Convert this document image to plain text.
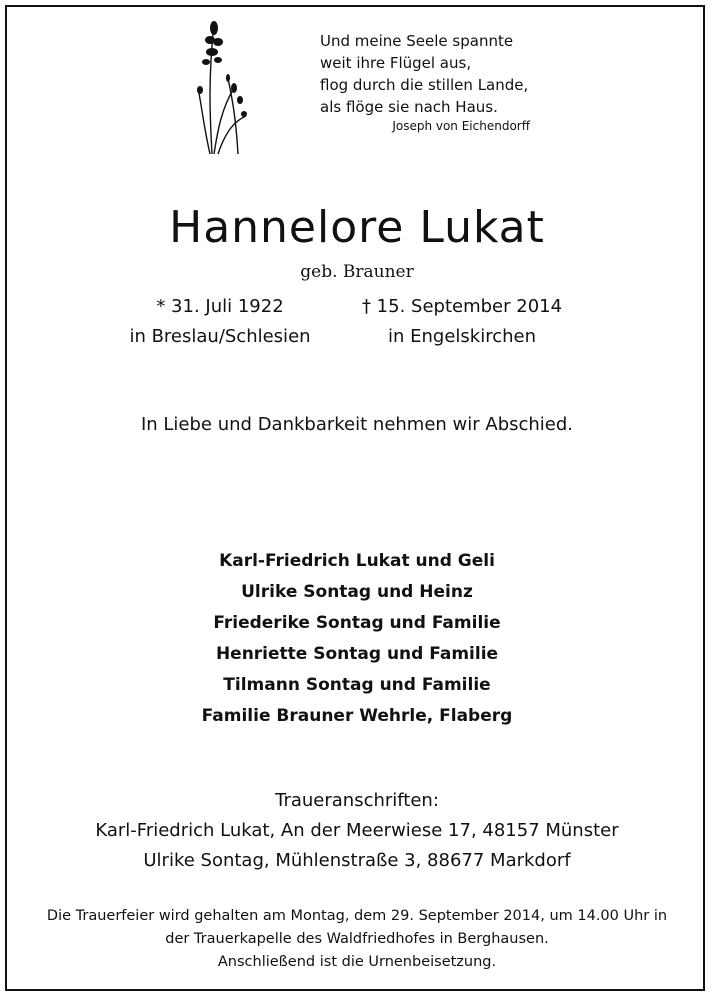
Und meine Seele spannte
weit ihre Flügel aus,
flog durch die stillen Lande,
als flöge sie nach Haus.
Joseph von Eichendorff
Hannelore Lukat
geb. Brauner
* 31. Juli 1922
in Breslau/Schlesien
† 15. September 2014
in Engelskirchen
In Liebe und Dankbarkeit nehmen wir Abschied.
Karl-Friedrich Lukat und Geli
Ulrike Sontag und Heinz
Friederike Sontag und Familie
Henriette Sontag und Familie
Tilmann Sontag und Familie
Familie Brauner Wehrle, Flaberg
Traueranschriften:
Karl-Friedrich Lukat, An der Meerwiese 17, 48157 Münster
Ulrike Sontag, Mühlenstraße 3, 88677 Markdorf
Die Trauerfeier wird gehalten am Montag, dem 29. September 2014, um 14.00 Uhr in
der Trauerkapelle des Waldfriedhofes in Berghausen.
Anschließend ist die Urnenbeisetzung.
